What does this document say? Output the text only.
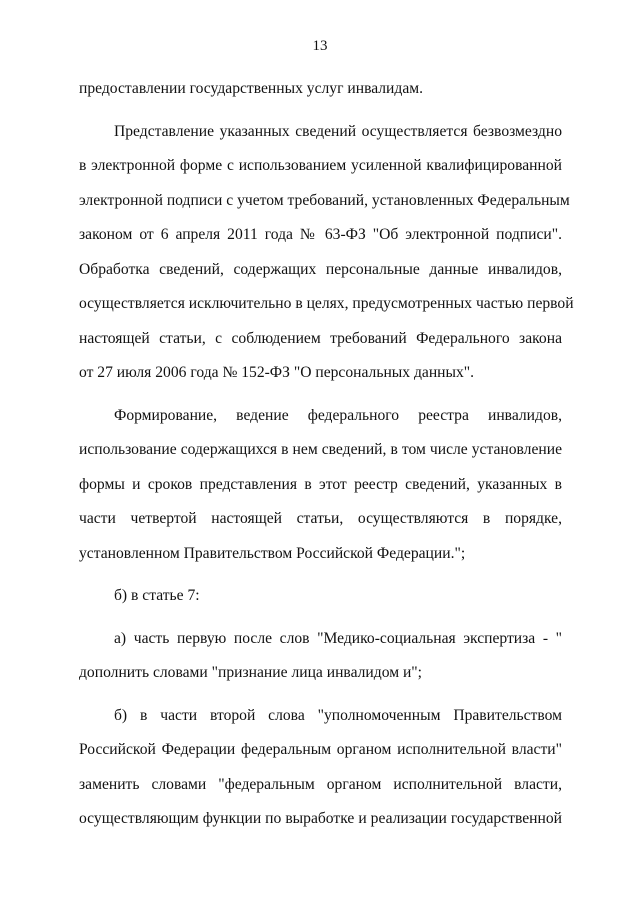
13
предоставлении государственных услуг инвалидам.
Представление указанных сведений осуществляется безвозмездно
в электронной форме с использованием усиленной квалифицированной
электронной подписи с учетом требований, установленных Федеральным
законом от 6 апреля 2011 года № 63-ФЗ "Об электронной подписи".
Обработка сведений, содержащих персональные данные инвалидов,
осуществляется исключительно в целях, предусмотренных частью первой
настоящей статьи, с соблюдением требований Федерального закона
от 27 июля 2006 года № 152-ФЗ "О персональных данных".
Формирование, ведение федерального реестра инвалидов,
использование содержащихся в нем сведений, в том числе установление
формы и сроков представления в этот реестр сведений, указанных в
части четвертой настоящей статьи, осуществляются в порядке,
установленном Правительством Российской Федерации.";
б) в статье 7:
а) часть первую после слов "Медико-социальная экспертиза - "
дополнить словами "признание лица инвалидом и";
б) в части второй слова "уполномоченным Правительством
Российской Федерации федеральным органом исполнительной власти"
заменить словами "федеральным органом исполнительной власти,
осуществляющим функции по выработке и реализации государственной
